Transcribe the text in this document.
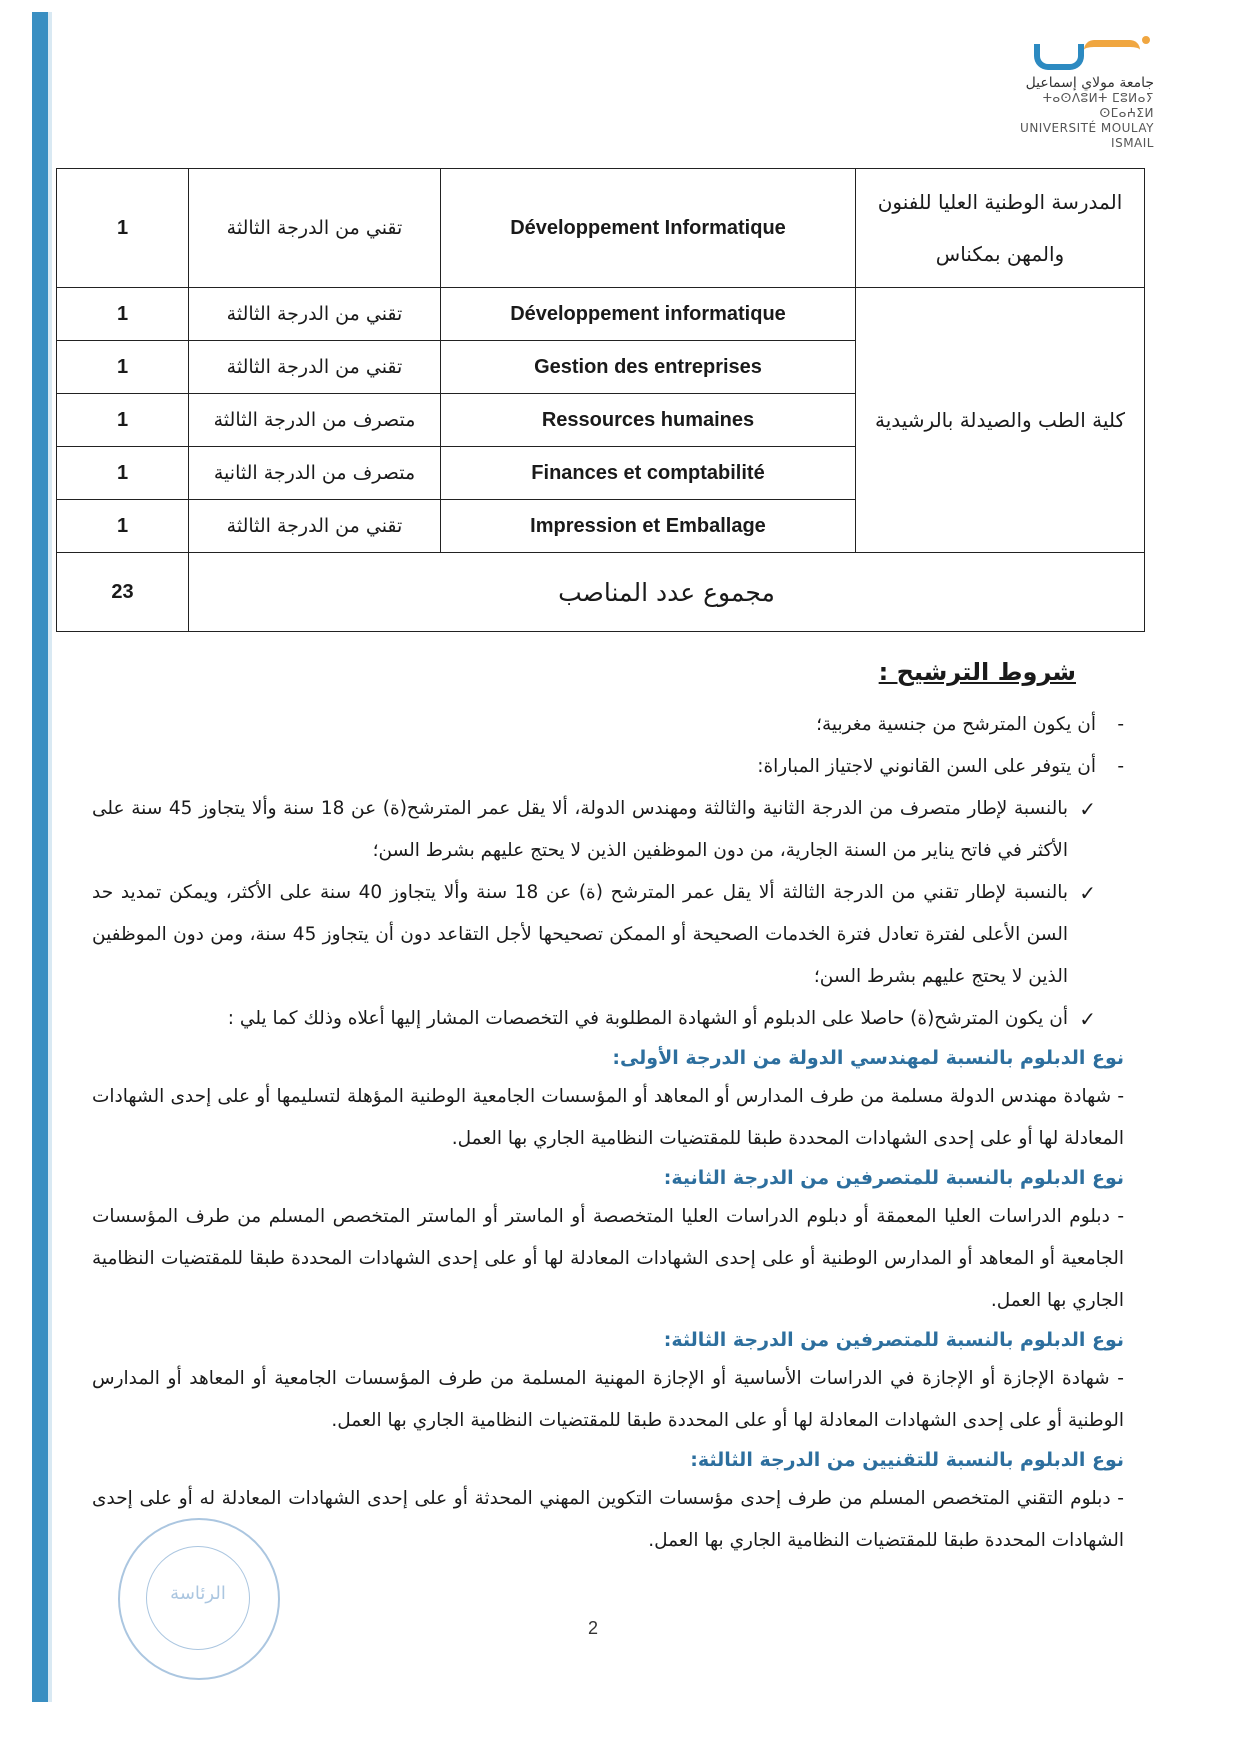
جامعة مولاي إسماعيل
ⵜⴰⵙⴷⵓⵍⵜ ⵎⵓⵍⴰⵢ ⵙⵎⴰⵄⵉⵍ
UNIVERSITÉ MOULAY ISMAIL
1	تقني من الدرجة الثالثة	Développement Informatique	المدرسة الوطنية العليا للفنون والمهن بمكناس
1	تقني من الدرجة الثالثة	Développement informatique	كلية الطب والصيدلة بالرشيدية
1	تقني من الدرجة الثالثة	Gestion des entreprises	
1	متصرف من الدرجة الثالثة	Ressources humaines	
1	متصرف من الدرجة الثانية	Finances et comptabilité	
1	تقني من الدرجة الثالثة	Impression et Emballage	
23	مجموع عدد المناصب		
شروط الترشيح :
- أن يكون المترشح من جنسية مغربية؛
- أن يتوفر على السن القانوني لاجتياز المباراة:
✓
بالنسبة لإطار متصرف من الدرجة الثانية والثالثة ومهندس الدولة، ألا يقل عمر المترشح(ة) عن 18 سنة وألا يتجاوز 45 سنة على الأكثر في فاتح يناير من السنة الجارية، من دون الموظفين الذين لا يحتج عليهم بشرط السن؛
✓
بالنسبة لإطار تقني من الدرجة الثالثة ألا يقل عمر المترشح (ة) عن 18 سنة وألا يتجاوز 40 سنة على الأكثر، ويمكن تمديد حد السن الأعلى لفترة تعادل فترة الخدمات الصحيحة أو الممكن تصحيحها لأجل التقاعد دون أن يتجاوز 45 سنة، ومن دون الموظفين الذين لا يحتج عليهم بشرط السن؛
✓
أن يكون المترشح(ة) حاصلا على الدبلوم أو الشهادة المطلوبة في التخصصات المشار إليها أعلاه وذلك كما يلي :
نوع الدبلوم بالنسبة لمهندسي الدولة من الدرجة الأولى:
- شهادة مهندس الدولة مسلمة من طرف المدارس أو المعاهد أو المؤسسات الجامعية الوطنية المؤهلة لتسليمها أو على إحدى الشهادات المعادلة لها أو على إحدى الشهادات المحددة طبقا للمقتضيات النظامية الجاري بها العمل.
نوع الدبلوم بالنسبة للمتصرفين من الدرجة الثانية:
- دبلوم الدراسات العليا المعمقة أو دبلوم الدراسات العليا المتخصصة أو الماستر أو الماستر المتخصص المسلم من طرف المؤسسات الجامعية أو المعاهد أو المدارس الوطنية أو على إحدى الشهادات المعادلة لها أو على إحدى الشهادات المحددة طبقا للمقتضيات النظامية الجاري بها العمل.
نوع الدبلوم بالنسبة للمتصرفين من الدرجة الثالثة:
- شهادة الإجازة أو الإجازة في الدراسات الأساسية أو الإجازة المهنية المسلمة من طرف المؤسسات الجامعية أو المعاهد أو المدارس الوطنية أو على إحدى الشهادات المعادلة لها أو على المحددة طبقا للمقتضيات النظامية الجاري بها العمل.
نوع الدبلوم بالنسبة للتقنيين من الدرجة الثالثة:
- دبلوم التقني المتخصص المسلم من طرف إحدى مؤسسات التكوين المهني المحدثة أو على إحدى الشهادات المعادلة له أو على إحدى الشهادات المحددة طبقا للمقتضيات النظامية الجاري بها العمل.
الرئاسة
2
